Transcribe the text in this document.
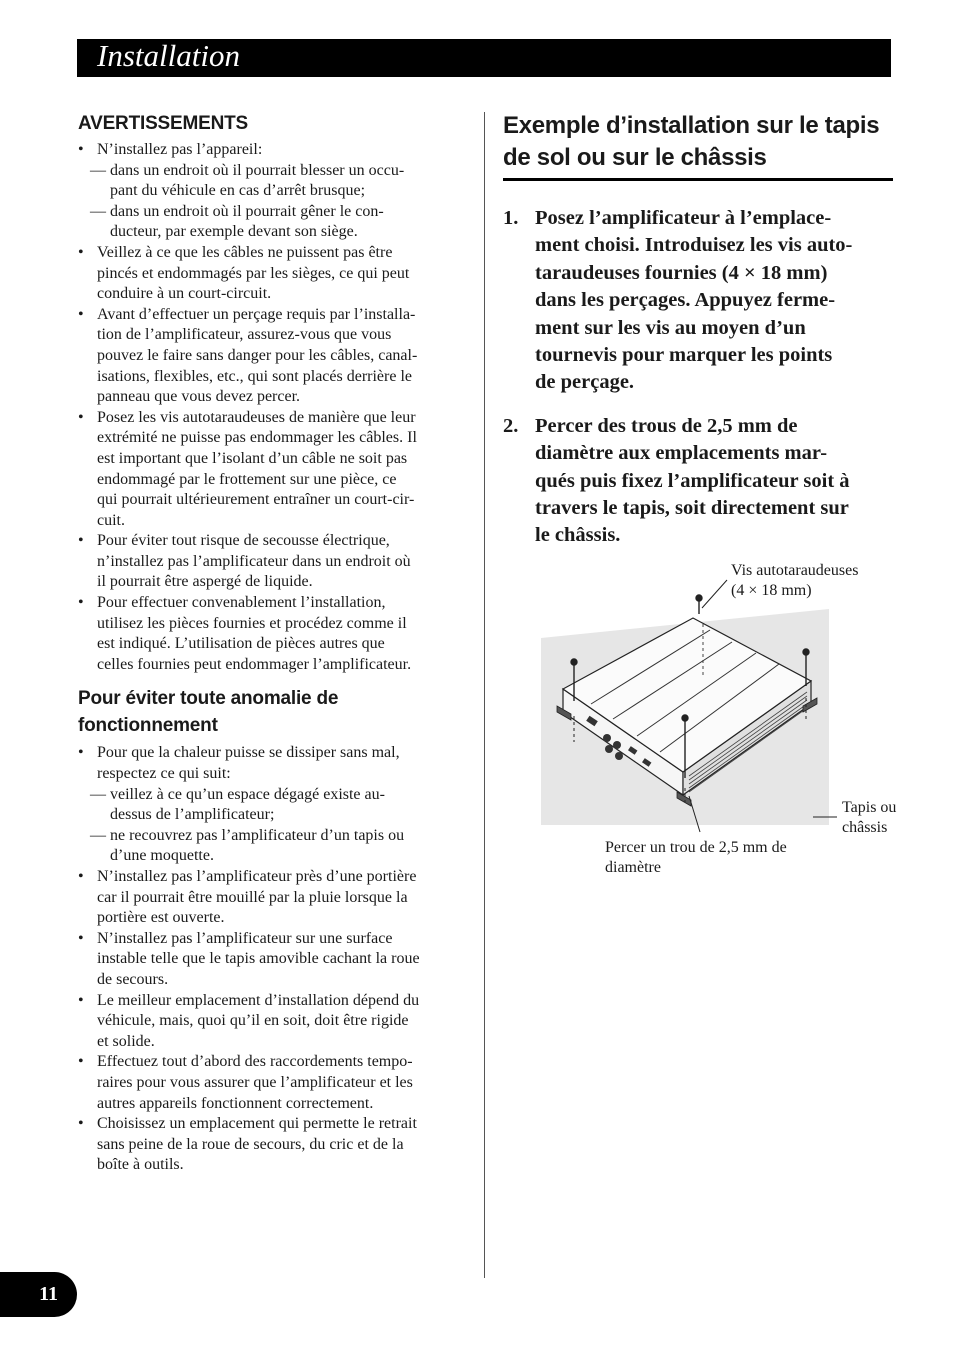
Installation
AVERTISSEMENTS
• N’installez pas l’appareil:
— dans un endroit où il pourrait blesser un occu-
pant du véhicule en cas d’arrêt brusque;
— dans un endroit où il pourrait gêner le con-
ducteur, par exemple devant son siège.
• Veillez à ce que les câbles ne puissent pas être
pincés et endommagés par les sièges, ce qui peut
conduire à un court-circuit.
• Avant d’effectuer un perçage requis par l’installa-
tion de l’amplificateur, assurez-vous que vous
pouvez le faire sans danger pour les câbles, canal-
isations, flexibles, etc., qui sont placés derrière le
panneau que vous devez percer.
• Posez les vis autotaraudeuses de manière que leur
extrémité ne puisse pas endommager les câbles. Il
est important que l’isolant d’un câble ne soit pas
endommagé par le frottement sur une pièce, ce
qui pourrait ultérieurement entraîner un court-cir-
cuit.
• Pour éviter tout risque de secousse électrique,
n’installez pas l’amplificateur dans un endroit où
il pourrait être aspergé de liquide.
• Pour effectuer convenablement l’installation,
utilisez les pièces fournies et procédez comme il
est indiqué. L’utilisation de pièces autres que
celles fournies peut endommager l’amplificateur.
Pour éviter toute anomalie de
fonctionnement
• Pour que la chaleur puisse se dissiper sans mal,
respectez ce qui suit:
— veillez à ce qu’un espace dégagé existe au-
dessus de l’amplificateur;
— ne recouvrez pas l’amplificateur d’un tapis ou
d’une moquette.
• N’installez pas l’amplificateur près d’une portière
car il pourrait être mouillé par la pluie lorsque la
portière est ouverte.
• N’installez pas l’amplificateur sur une surface
instable telle que le tapis amovible cachant la roue
de secours.
• Le meilleur emplacement d’installation dépend du
véhicule, mais, quoi qu’il en soit, doit être rigide
et solide.
• Effectuez tout d’abord des raccordements tempo-
raires pour vous assurer que l’amplificateur et les
autres appareils fonctionnent correctement.
• Choisissez un emplacement qui permette le retrait
sans peine de la roue de secours, du cric et de la
boîte à outils.
Exemple d’installation sur le tapis
de sol ou sur le châssis
1. Posez l’amplificateur à l’emplace-
ment choisi. Introduisez les vis auto-
taraudeuses fournies (4 × 18 mm)
dans les perçages. Appuyez ferme-
ment sur les vis au moyen d’un
tournevis pour marquer les points
de perçage.
2. Percer des trous de 2,5 mm de
diamètre aux emplacements mar-
qués puis fixez l’amplificateur soit à
travers le tapis, soit directement sur
le châssis.
Vis autotaraudeuses
(4 × 18 mm)
Tapis ou
châssis
Percer un trou de 2,5 mm de
diamètre
11
